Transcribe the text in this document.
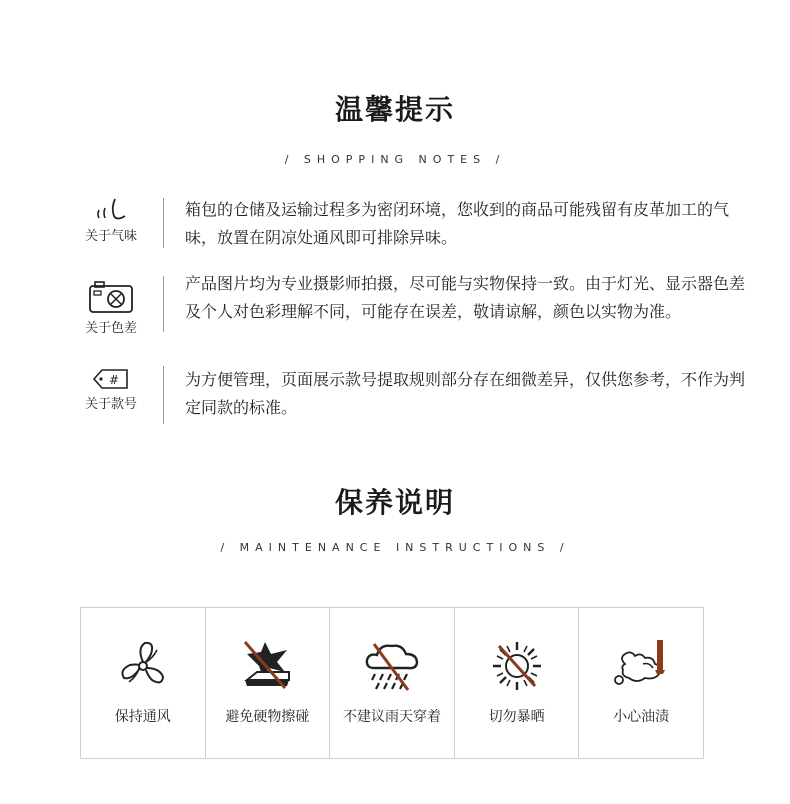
温馨提示
/ SHOPPING NOTES /
关于气味
箱包的仓储及运输过程多为密闭环境，您收到的商品可能残留有皮革加工的气味，放置在阴凉处通风即可排除异味。
关于色差
产品图片均为专业摄影师拍摄，尽可能与实物保持一致。由于灯光、显示器色差及个人对色彩理解不同，可能存在误差，敬请谅解，颜色以实物为准。
#
关于款号
为方便管理，页面展示款号提取规则部分存在细微差异，仅供您参考，不作为判定同款的标准。
保养说明
/ MAINTENANCE INSTRUCTIONS /
保持通风	避免硬物擦碰	不建议雨天穿着	切勿暴晒	小心油渍
